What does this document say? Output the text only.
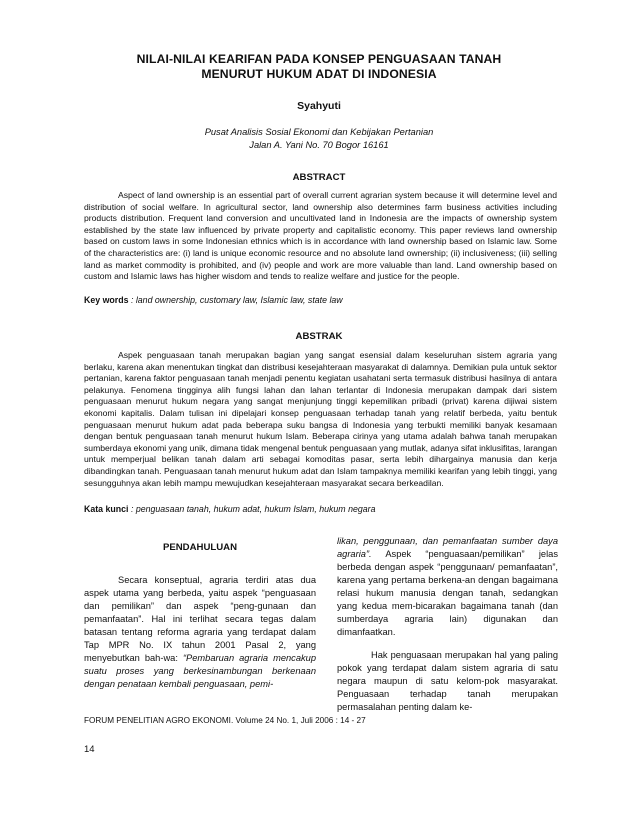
NILAI-NILAI KEARIFAN PADA KONSEP PENGUASAAN TANAH
MENURUT HUKUM ADAT DI INDONESIA
Syahyuti
Pusat Analisis Sosial Ekonomi dan Kebijakan Pertanian
Jalan A. Yani No. 70 Bogor 16161
ABSTRACT
Aspect of land ownership is an essential part of overall current agrarian system because it will determine level and distribution of social welfare. In agricultural sector, land ownership also determines farm business activities including products distribution. Frequent land conversion and uncultivated land in Indonesia are the impacts of ownership system established by the state law influenced by private property and capitalistic economy. This paper reviews land ownership based on custom laws in some Indonesian ethnics which is in accordance with land ownership based on Islamic law. Some of the characteristics are: (i) land is unique economic resource and no absolute land ownership; (ii) inclusiveness; (iii) selling land as market commodity is prohibited, and (iv) people and work are more valuable than land. Land ownership based on custom and Islamic laws has higher wisdom and tends to realize welfare and justice for the people.
Key words : land ownership, customary law, Islamic law, state law
ABSTRAK
Aspek penguasaan tanah merupakan bagian yang sangat esensial dalam keseluruhan sistem agraria yang berlaku, karena akan menentukan tingkat dan distribusi kesejahteraan masyarakat di dalamnya. Demikian pula untuk sektor pertanian, karena faktor penguasaan tanah menjadi penentu kegiatan usahatani serta termasuk distribusi hasilnya di antara pelakunya. Fenomena tingginya alih fungsi lahan dan lahan terlantar di Indonesia merupakan dampak dari sistem penguasaan menurut hukum negara yang sangat menjunjung tinggi kepemilikan pribadi (privat) karena dijiwai sistem ekonomi kapitalis. Dalam tulisan ini dipelajari konsep penguasaan terhadap tanah yang relatif berbeda, yaitu bentuk penguasaan menurut hukum adat pada beberapa suku bangsa di Indonesia yang terbukti memiliki banyak kesamaan dengan bentuk penguasaan tanah menurut hukum Islam. Beberapa cirinya yang utama adalah bahwa tanah merupakan sumberdaya ekonomi yang unik, dimana tidak mengenal bentuk penguasaan yang mutlak, adanya sifat inklusifitas, larangan untuk memperjual belikan tanah dalam arti sebagai komoditas pasar, serta lebih dihargainya manusia dan kerja dibandingkan tanah. Penguasaan tanah menurut hukum adat dan Islam tampaknya memiliki kearifan yang lebih tinggi, yang sesungguhnya akan lebih mampu mewujudkan kesejahteraan masyarakat secara berkeadilan.
Kata kunci : penguasaan tanah, hukum adat, hukum Islam, hukum negara
PENDAHULUAN

Secara konseptual, agraria terdiri atas dua aspek utama yang berbeda, yaitu aspek “penguasaan dan pemilikan” dan aspek “peng-gunaan dan pemanfaatan”. Hal ini terlihat secara tegas dalam batasan tentang reforma agraria yang terdapat dalam Tap MPR No. IX tahun 2001 Pasal 2, yang menyebutkan bah-wa: “Pembaruan agraria mencakup suatu proses yang berkesinambungan berkenaan dengan penataan kembali penguasaan, pemi-

likan, penggunaan, dan pemanfaatan sumber daya agraria”. Aspek “penguasaan/pemilikan” jelas berbeda dengan aspek “penggunaan/ pemanfaatan”, karena yang pertama berkena-an dengan bagaimana relasi hukum manusia dengan tanah, sedangkan yang kedua mem-bicarakan bagaimana tanah (dan sumberdaya agraria lain) digunakan dan dimanfaatkan.

Hak penguasaan merupakan hal yang paling pokok yang terdapat dalam sistem agraria di satu negara maupun di satu kelom-pok masyarakat. Penguasaan terhadap tanah merupakan permasalahan penting dalam ke-

FORUM PENELITIAN AGRO EKONOMI. Volume 24 No. 1, Juli 2006 : 14 - 27
14
